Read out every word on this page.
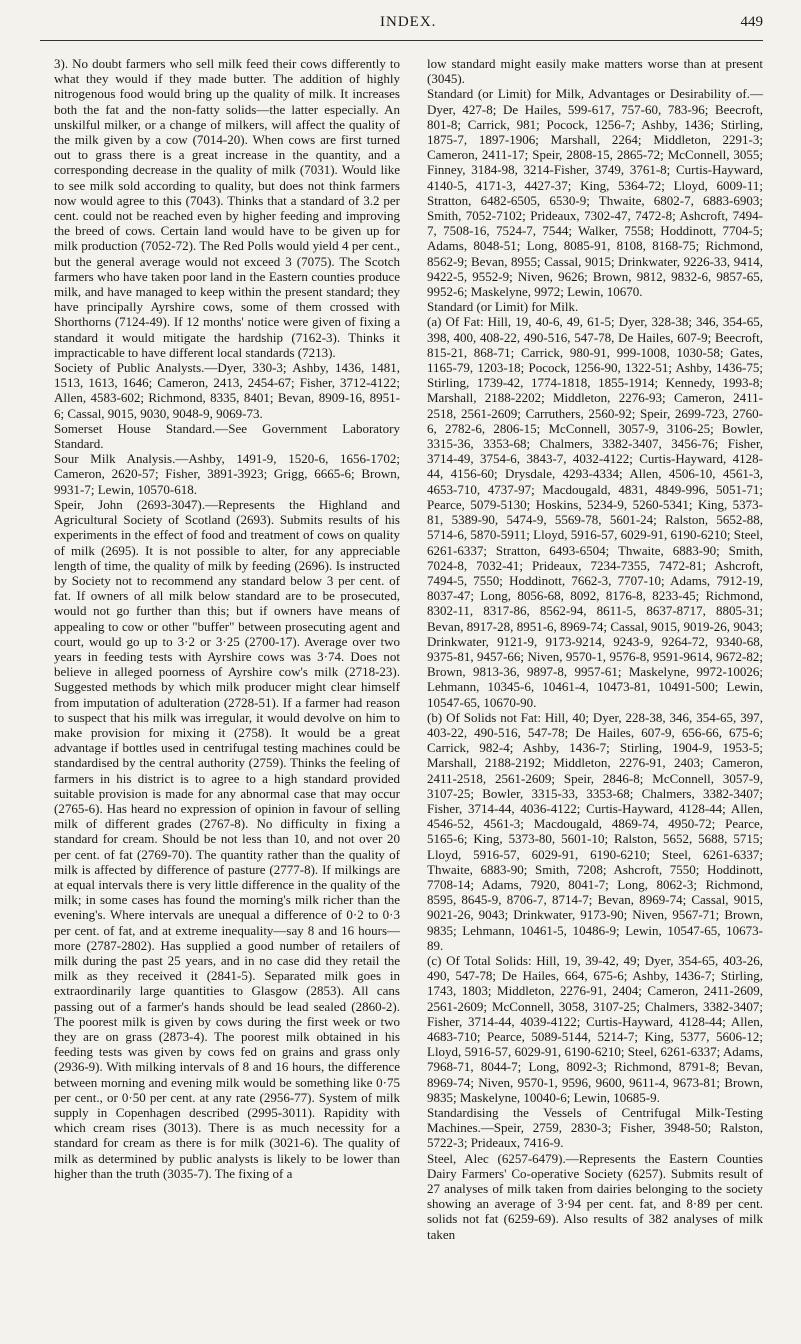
INDEX.	449

3). No doubt farmers who sell milk feed their cows differently to what they would if they made butter. The addition of highly nitrogenous food would bring up the quality of milk. It increases both the fat and the non-fatty solids—the latter especially. An unskilful milker, or a change of milkers, will affect the quality of the milk given by a cow (7014-20). When cows are first turned out to grass there is a great increase in the quantity, and a corresponding decrease in the quality of milk (7031). Would like to see milk sold according to quality, but does not think farmers now would agree to this (7043). Thinks that a standard of 3.2 per cent. could not be reached even by higher feeding and improving the breed of cows. Certain land would have to be given up for milk production (7052-72). The Red Polls would yield 4 per cent., but the general average would not exceed 3 (7075). The Scotch farmers who have taken poor land in the Eastern counties produce milk, and have managed to keep within the present standard; they have principally Ayrshire cows, some of them crossed with Shorthorns (7124-49). If 12 months' notice were given of fixing a standard it would mitigate the hardship (7162-3). Thinks it impracticable to have different local standards (7213).

Society of Public Analysts.—Dyer, 330-3; Ashby, 1436, 1481, 1513, 1613, 1646; Cameron, 2413, 2454-67; Fisher, 3712-4122; Allen, 4583-602; Richmond, 8335, 8401; Bevan, 8909-16, 8951-6; Cassal, 9015, 9030, 9048-9, 9069-73.

Somerset House Standard.—See Government Laboratory Standard.

Sour Milk Analysis.—Ashby, 1491-9, 1520-6, 1656-1702; Cameron, 2620-57; Fisher, 3891-3923; Grigg, 6665-6; Brown, 9931-7; Lewin, 10570-618.

Speir, John (2693-3047).—Represents the Highland and Agricultural Society of Scotland (2693). Submits results of his experiments in the effect of food and treatment of cows on quality of milk (2695). It is not possible to alter, for any appreciable length of time, the quality of milk by feeding (2696). Is instructed by Society not to recommend any standard below 3 per cent. of fat. If owners of all milk below standard are to be prosecuted, would not go further than this; but if owners have means of appealing to cow or other "buffer" between prosecuting agent and court, would go up to 3·2 or 3·25 (2700-17). Average over two years in feeding tests with Ayrshire cows was 3·74. Does not believe in alleged poorness of Ayrshire cow's milk (2718-23). Suggested methods by which milk producer might clear himself from imputation of adulteration (2728-51). If a farmer had reason to suspect that his milk was irregular, it would devolve on him to make provision for mixing it (2758). It would be a great advantage if bottles used in centrifugal testing machines could be standardised by the central authority (2759). Thinks the feeling of farmers in his district is to agree to a high standard provided suitable provision is made for any abnormal case that may occur (2765-6). Has heard no expression of opinion in favour of selling milk of different grades (2767-8). No difficulty in fixing a standard for cream. Should be not less than 10, and not over 20 per cent. of fat (2769-70). The quantity rather than the quality of milk is affected by difference of pasture (2777-8). If milkings are at equal intervals there is very little difference in the quality of the milk; in some cases has found the morning's milk richer than the evening's. Where intervals are unequal a difference of 0·2 to 0·3 per cent. of fat, and at extreme inequality—say 8 and 16 hours—more (2787-2802). Has supplied a good number of retailers of milk during the past 25 years, and in no case did they retail the milk as they received it (2841-5). Separated milk goes in extraordinarily large quantities to Glasgow (2853). All cans passing out of a farmer's hands should be lead sealed (2860-2). The poorest milk is given by cows during the first week or two they are on grass (2873-4). The poorest milk obtained in his feeding tests was given by cows fed on grains and grass only (2936-9). With milking intervals of 8 and 16 hours, the difference between morning and evening milk would be something like 0·75 per cent., or 0·50 per cent. at any rate (2956-77). System of milk supply in Copenhagen described (2995-3011). Rapidity with which cream rises (3013). There is as much necessity for a standard for cream as there is for milk (3021-6). The quality of milk as determined by public analysts is likely to be lower than higher than the truth (3035-7). The fixing of a

low standard might easily make matters worse than at present (3045).

Standard (or Limit) for Milk, Advantages or Desirability of.—Dyer, 427-8; De Hailes, 599-617, 757-60, 783-96; Beecroft, 801-8; Carrick, 981; Pocock, 1256-7; Ashby, 1436; Stirling, 1875-7, 1897-1906; Marshall, 2264; Middleton, 2291-3; Cameron, 2411-17; Speir, 2808-15, 2865-72; McConnell, 3055; Finney, 3184-98, 3214-Fisher, 3749, 3761-8; Curtis-Hayward, 4140-5, 4171-3, 4427-37; King, 5364-72; Lloyd, 6009-11; Stratton, 6482-6505, 6530-9; Thwaite, 6802-7, 6883-6903; Smith, 7052-7102; Prideaux, 7302-47, 7472-8; Ashcroft, 7494-7, 7508-16, 7524-7, 7544; Walker, 7558; Hoddinott, 7704-5; Adams, 8048-51; Long, 8085-91, 8108, 8168-75; Richmond, 8562-9; Bevan, 8955; Cassal, 9015; Drinkwater, 9226-33, 9414, 9422-5, 9552-9; Niven, 9626; Brown, 9812, 9832-6, 9857-65, 9952-6; Maskelyne, 9972; Lewin, 10670.

Standard (or Limit) for Milk.

(a) Of Fat: Hill, 19, 40-6, 49, 61-5; Dyer, 328-38; 346, 354-65, 398, 400, 408-22, 490-516, 547-78, De Hailes, 607-9; Beecroft, 815-21, 868-71; Carrick, 980-91, 999-1008, 1030-58; Gates, 1165-79, 1203-18; Pocock, 1256-90, 1322-51; Ashby, 1436-75; Stirling, 1739-42, 1774-1818, 1855-1914; Kennedy, 1993-8; Marshall, 2188-2202; Middleton, 2276-93; Cameron, 2411-2518, 2561-2609; Carruthers, 2560-92; Speir, 2699-723, 2760-6, 2782-6, 2806-15; McConnell, 3057-9, 3106-25; Bowler, 3315-36, 3353-68; Chalmers, 3382-3407, 3456-76; Fisher, 3714-49, 3754-6, 3843-7, 4032-4122; Curtis-Hayward, 4128-44, 4156-60; Drysdale, 4293-4334; Allen, 4506-10, 4561-3, 4653-710, 4737-97; Macdougald, 4831, 4849-996, 5051-71; Pearce, 5079-5130; Hoskins, 5234-9, 5260-5341; King, 5373-81, 5389-90, 5474-9, 5569-78, 5601-24; Ralston, 5652-88, 5714-6, 5870-5911; Lloyd, 5916-57, 6029-91, 6190-6210; Steel, 6261-6337; Stratton, 6493-6504; Thwaite, 6883-90; Smith, 7024-8, 7032-41; Prideaux, 7234-7355, 7472-81; Ashcroft, 7494-5, 7550; Hoddinott, 7662-3, 7707-10; Adams, 7912-19, 8037-47; Long, 8056-68, 8092, 8176-8, 8233-45; Richmond, 8302-11, 8317-86, 8562-94, 8611-5, 8637-8717, 8805-31; Bevan, 8917-28, 8951-6, 8969-74; Cassal, 9015, 9019-26, 9043; Drinkwater, 9121-9, 9173-9214, 9243-9, 9264-72, 9340-68, 9375-81, 9457-66; Niven, 9570-1, 9576-8, 9591-9614, 9672-82; Brown, 9813-36, 9897-8, 9957-61; Maskelyne, 9972-10026; Lehmann, 10345-6, 10461-4, 10473-81, 10491-500; Lewin, 10547-65, 10670-90.

(b) Of Solids not Fat: Hill, 40; Dyer, 228-38, 346, 354-65, 397, 403-22, 490-516, 547-78; De Hailes, 607-9, 656-66, 675-6; Carrick, 982-4; Ashby, 1436-7; Stirling, 1904-9, 1953-5; Marshall, 2188-2192; Middleton, 2276-91, 2403; Cameron, 2411-2518, 2561-2609; Speir, 2846-8; McConnell, 3057-9, 3107-25; Bowler, 3315-33, 3353-68; Chalmers, 3382-3407; Fisher, 3714-44, 4036-4122; Curtis-Hayward, 4128-44; Allen, 4546-52, 4561-3; Macdougald, 4869-74, 4950-72; Pearce, 5165-6; King, 5373-80, 5601-10; Ralston, 5652, 5688, 5715; Lloyd, 5916-57, 6029-91, 6190-6210; Steel, 6261-6337; Thwaite, 6883-90; Smith, 7208; Ashcroft, 7550; Hoddinott, 7708-14; Adams, 7920, 8041-7; Long, 8062-3; Richmond, 8595, 8645-9, 8706-7, 8714-7; Bevan, 8969-74; Cassal, 9015, 9021-26, 9043; Drinkwater, 9173-90; Niven, 9567-71; Brown, 9835; Lehmann, 10461-5, 10486-9; Lewin, 10547-65, 10673-89.

(c) Of Total Solids: Hill, 19, 39-42, 49; Dyer, 354-65, 403-26, 490, 547-78; De Hailes, 664, 675-6; Ashby, 1436-7; Stirling, 1743, 1803; Middleton, 2276-91, 2404; Cameron, 2411-2609, 2561-2609; McConnell, 3058, 3107-25; Chalmers, 3382-3407; Fisher, 3714-44, 4039-4122; Curtis-Hayward, 4128-44; Allen, 4683-710; Pearce, 5089-5144, 5214-7; King, 5377, 5606-12; Lloyd, 5916-57, 6029-91, 6190-6210; Steel, 6261-6337; Adams, 7968-71, 8044-7; Long, 8092-3; Richmond, 8791-8; Bevan, 8969-74; Niven, 9570-1, 9596, 9600, 9611-4, 9673-81; Brown, 9835; Maskelyne, 10040-6; Lewin, 10685-9.

Standardising the Vessels of Centrifugal Milk-Testing Machines.—Speir, 2759, 2830-3; Fisher, 3948-50; Ralston, 5722-3; Prideaux, 7416-9.

Steel, Alec (6257-6479).—Represents the Eastern Counties Dairy Farmers' Co-operative Society (6257). Submits result of 27 analyses of milk taken from dairies belonging to the society showing an average of 3·94 per cent. fat, and 8·89 per cent. solids not fat (6259-69). Also results of 382 analyses of milk taken
